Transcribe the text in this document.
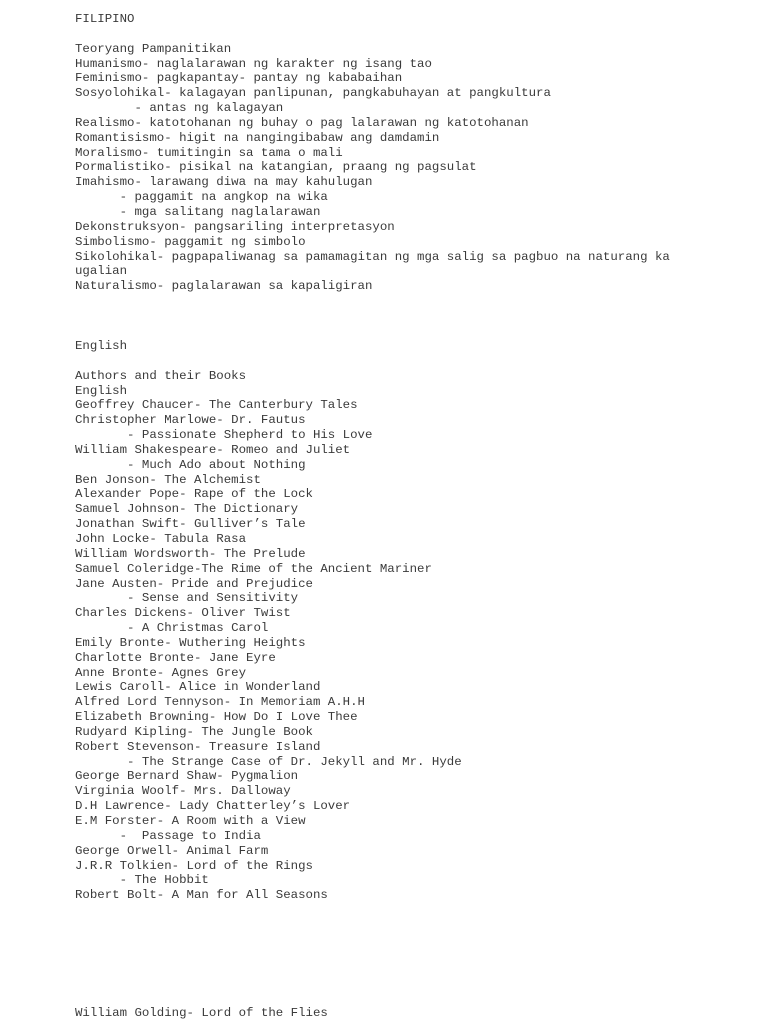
FILIPINO
Teoryang Pampanitikan
Humanismo- naglalarawan ng karakter ng isang tao
Feminismo- pagkapantay- pantay ng kababaihan
Sosyolohikal- kalagayan panlipunan, pangkabuhayan at pangkultura
- antas ng kalagayan
Realismo- katotohanan ng buhay o pag lalarawan ng katotohanan
Romantisismo- higit na nangingibabaw ang damdamin
Moralismo- tumitingin sa tama o mali
Pormalistiko- pisikal na katangian, praang ng pagsulat
Imahismo- larawang diwa na may kahulugan
- paggamit na angkop na wika
- mga salitang naglalarawan
Dekonstruksyon- pangsariling interpretasyon
Simbolismo- paggamit ng simbolo
Sikolohikal- pagpapaliwanag sa pamamagitan ng mga salig sa pagbuo na naturang ka
ugalian
Naturalismo- paglalarawan sa kapaligiran
English
Authors and their Books
English
Geoffrey Chaucer- The Canterbury Tales
Christopher Marlowe- Dr. Fautus
- Passionate Shepherd to His Love
William Shakespeare- Romeo and Juliet
- Much Ado about Nothing
Ben Jonson- The Alchemist
Alexander Pope- Rape of the Lock
Samuel Johnson- The Dictionary
Jonathan Swift- Gulliver’s Tale
John Locke- Tabula Rasa
William Wordsworth- The Prelude
Samuel Coleridge-The Rime of the Ancient Mariner
Jane Austen- Pride and Prejudice
- Sense and Sensitivity
Charles Dickens- Oliver Twist
- A Christmas Carol
Emily Bronte- Wuthering Heights
Charlotte Bronte- Jane Eyre
Anne Bronte- Agnes Grey
Lewis Caroll- Alice in Wonderland
Alfred Lord Tennyson- In Memoriam A.H.H
Elizabeth Browning- How Do I Love Thee
Rudyard Kipling- The Jungle Book
Robert Stevenson- Treasure Island
- The Strange Case of Dr. Jekyll and Mr. Hyde
George Bernard Shaw- Pygmalion
Virginia Woolf- Mrs. Dalloway
D.H Lawrence- Lady Chatterley’s Lover
E.M Forster- A Room with a View
-  Passage to India
George Orwell- Animal Farm
J.R.R Tolkien- Lord of the Rings
- The Hobbit
Robert Bolt- A Man for All Seasons
William Golding- Lord of the Flies
